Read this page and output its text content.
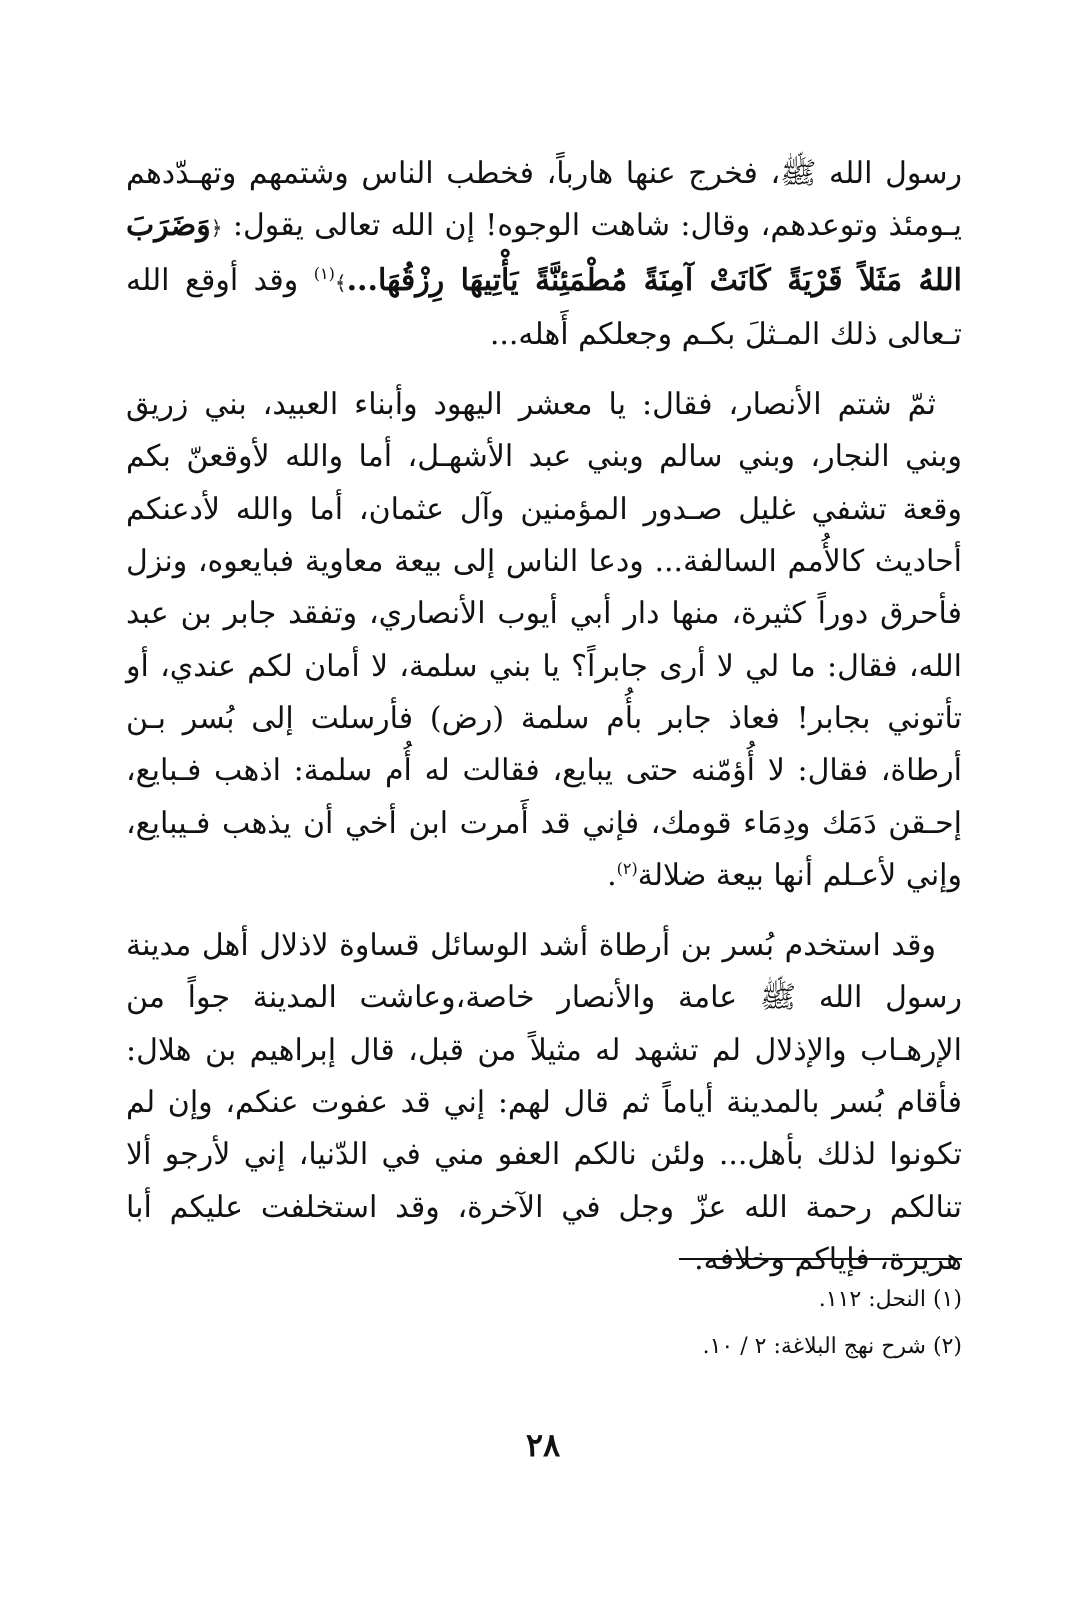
رسول الله ﷺ، فخرج عنها هارباً، فخطب الناس وشتمهم وتهـدّدهم يـومئذ وتوعدهم، وقال: شاهت الوجوه! إن الله تعالى يقول: ﴿وَضَرَبَ اللهُ مَثَلاً قَرْيَةً كَانَتْ آمِنَةً مُطْمَئِنَّةً يَأْتِيهَا رِزْقُهَا...﴾$^{(١)}$ وقد أوقع الله تـعالى ذلك المـثلَ بكـم وجعلكم أَهله...

ثمّ شتم الأنصار، فقال: يا معشر اليهود وأبناء العبيد، بني زريق وبني النجار، وبني سالم وبني عبد الأشهـل، أما والله لأوقعنّ بكم وقعة تشفي غليل صـدور المؤمنين وآل عثمان، أما والله لأدعنكم أحاديث كالأُمم السالفة... ودعا الناس إلى بيعة معاوية فبايعوه، ونزل فأحرق دوراً كثيرة، منها دار أبي أيوب الأنصاري، وتفقد جابر بن عبد الله، فقال: ما لي لا أرى جابراً؟ يا بني سلمة، لا أمان لكم عندي، أو تأتوني بجابر! فعاذ جابر بأُم سلمة (رض) فأرسلت إلى بُسر بـن أرطاة، فقال: لا أُؤمّنه حتى يبايع، فقالت له أُم سلمة: اذهب فـبايع، إحـقن دَمَك ودِمَاء قومك، فإني قد أَمرت ابن أخي أن يذهب فـيبايع، وإني لأعـلم أنها بيعة ضلالة$^{(٢)}$.

وقد استخدم بُسر بن أرطاة أشد الوسائل قساوة لاذلال أهل مدينة رسول الله ﷺ عامة والأنصار خاصة،وعاشت المدينة جواً من الإرهـاب والإذلال لم تشهد له مثيلاً من قبل، قال إبراهيم بن هلال: فأقام بُسر بالمدينة أياماً ثم قال لهم: إني قد عفوت عنكم، وإن لم تكونوا لذلك بأهل... ولئن نالكم العفو مني في الدّنيا، إني لأرجو ألا تنالكم رحمة الله عزّ وجل في الآخرة، وقد استخلفت عليكم أبا هريرة، فإياكم وخلافه.

(١) النحل: ١١٢.

(٢) شرح نهج البلاغة: ٢ / ١٠.

٢٨
